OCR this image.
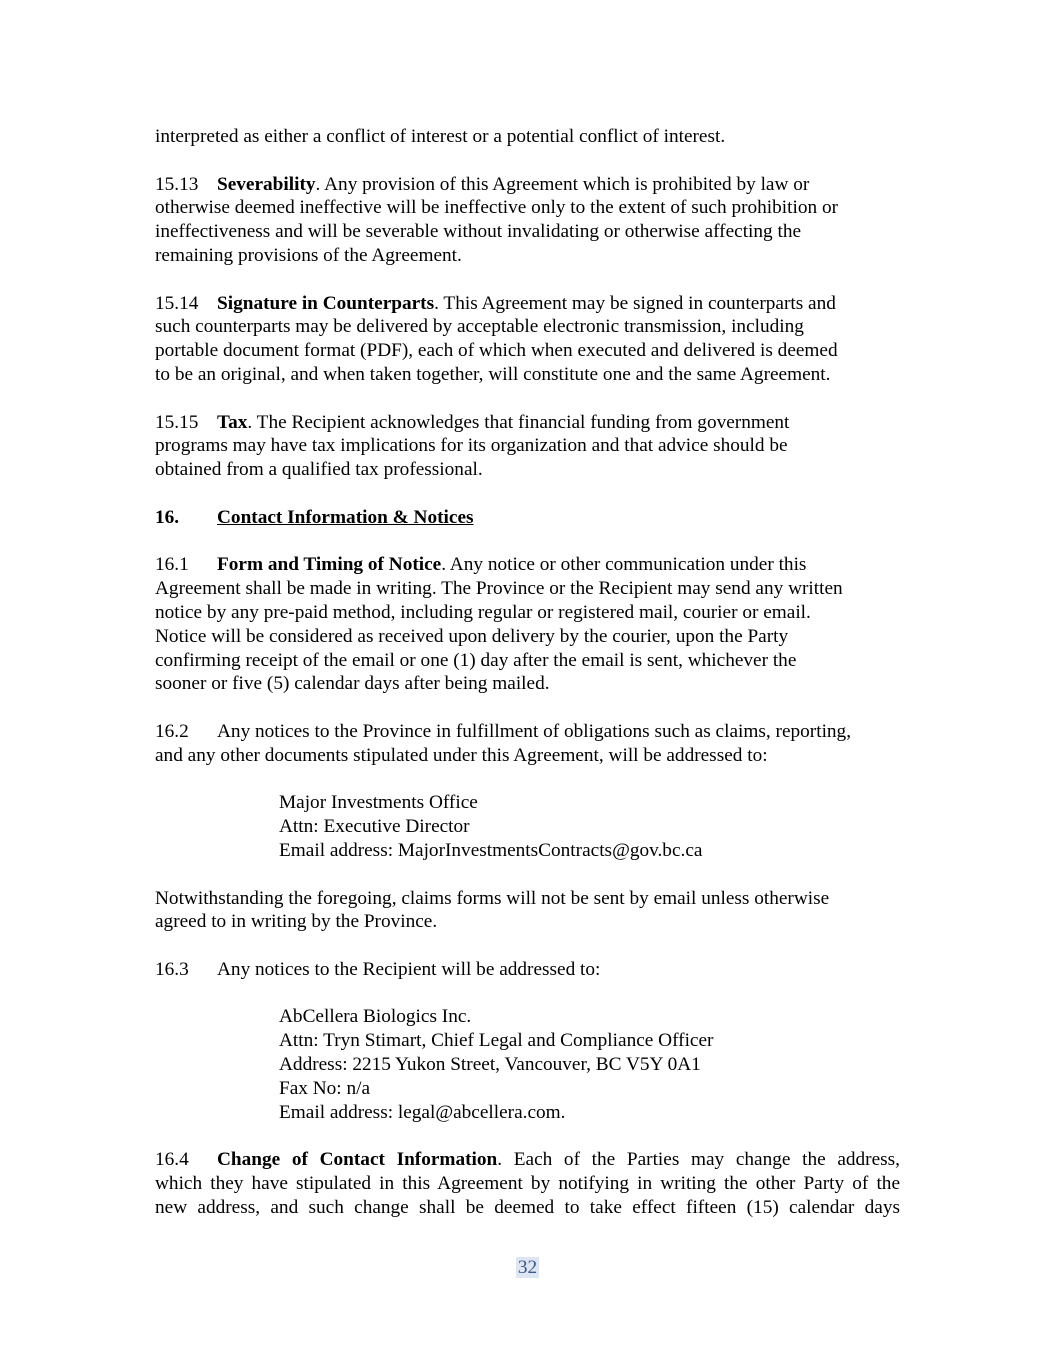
interpreted as either a conflict of interest or a potential conflict of interest.

15.13 Severability. Any provision of this Agreement which is prohibited by law or
otherwise deemed ineffective will be ineffective only to the extent of such prohibition or
ineffectiveness and will be severable without invalidating or otherwise affecting the
remaining provisions of the Agreement.

15.14 Signature in Counterparts. This Agreement may be signed in counterparts and
such counterparts may be delivered by acceptable electronic transmission, including
portable document format (PDF), each of which when executed and delivered is deemed
to be an original, and when taken together, will constitute one and the same Agreement.

15.15 Tax. The Recipient acknowledges that financial funding from government
programs may have tax implications for its organization and that advice should be
obtained from a qualified tax professional.

16. Contact Information & Notices

16.1 Form and Timing of Notice. Any notice or other communication under this
Agreement shall be made in writing. The Province or the Recipient may send any written
notice by any pre-paid method, including regular or registered mail, courier or email.
Notice will be considered as received upon delivery by the courier, upon the Party
confirming receipt of the email or one (1) day after the email is sent, whichever the
sooner or five (5) calendar days after being mailed.

16.2 Any notices to the Province in fulfillment of obligations such as claims, reporting,
and any other documents stipulated under this Agreement, will be addressed to:

Major Investments Office
Attn: Executive Director
Email address: MajorInvestmentsContracts@gov.bc.ca

Notwithstanding the foregoing, claims forms will not be sent by email unless otherwise
agreed to in writing by the Province.

16.3 Any notices to the Recipient will be addressed to:

AbCellera Biologics Inc.
Attn: Tryn Stimart, Chief Legal and Compliance Officer
Address: 2215 Yukon Street, Vancouver, BC V5Y 0A1
Fax No: n/a
Email address: legal@abcellera.com.

16.4 Change of Contact Information. Each of the Parties may change the address,
which they have stipulated in this Agreement by notifying in writing the other Party of the
new address, and such change shall be deemed to take effect fifteen (15) calendar days

32
